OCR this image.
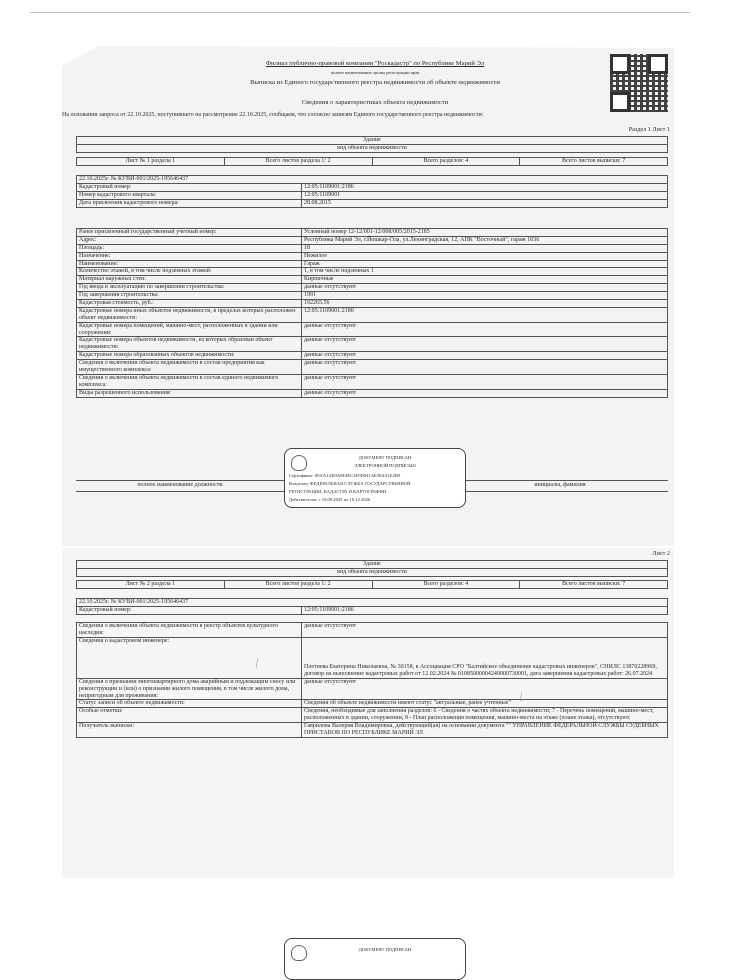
Филиал публично-правовой компании "Роскадастр" по Республике Марий Эл
полное наименование органа регистрации прав
Выписка из Единого государственного реестра недвижимости об объекте недвижимости
Сведения о характеристиках объекта недвижимости
На основании запроса от 22.10.2025, поступившего на рассмотрение 22.10.2025, сообщаем, что согласно записям Единого государственного реестра недвижимости:
Раздел 1 Лист 1
Здание
вид объекта недвижимости

Лист № 1 раздела 1	Всего листов раздела 1: 2	Всего разделов: 4	Всего листов выписки: 7
22.10.2025г. № КУВИ-001/2025-195646437	
Кадастровый номер:	12:05:1109001:2186
Номер кадастрового квартала:	12:05:1109001
Дата присвоения кадастрового номера:	28.08.2015
Ранее присвоенный государственный учетный номер:	Условный номер 12-12/001-12/008/005/2015-2185
Адрес:	Республика Марий Эл, г.Йошкар-Ола, ул.Ленинградская, 12, АПК "Восточный", гараж 1036
Площадь:	18
Назначение:	Нежилое
Наименование:	Гараж
Количество этажей, в том числе подземных этажей:	1, в том числе подземных 1
Материал наружных стен:	Кирпичные
Год ввода в эксплуатацию по завершении строительства:	данные отсутствуют
Год завершения строительства:	1991
Кадастровая стоимость, руб.:	192265.56
Кадастровые номера иных объектов недвижимости, в пределах которых расположен объект недвижимости:	12:05:1109001:2180
Кадастровые номера помещений, машино-мест, расположенных в здании или сооружении:	данные отсутствуют
Кадастровые номера объектов недвижимости, из которых образован объект недвижимости:	данные отсутствуют
Кадастровые номера образованных объектов недвижимости:	данные отсутствуют
Сведения о включении объекта недвижимости в состав предприятия как имущественного комплекса:	данные отсутствуют
Сведения о включении объекта недвижимости в состав единого недвижимого комплекса:	данные отсутствуют
Виды разрешенного использования:	данные отсутствуют
полное наименование должности	инициалы, фамилия
ДОКУМЕНТ ПОДПИСАН
ЭЛЕКТРОННОЙ ПОДПИСЬЮ
Сертификат: 00AA1AE0A8F4EC3E9D041AE5E4A1E2B9
Владелец: ФЕДЕРАЛЬНАЯ СЛУЖБА ГОСУДАРСТВЕННОЙ
РЕГИСТРАЦИИ, КАДАСТРА И КАРТОГРАФИИ
Действителен: с 16.09.2025 по 10.12.2026
Лист 2
Здание
вид объекта недвижимости

Лист № 2 раздела 1	Всего листов раздела 1: 2	Всего разделов: 4	Всего листов выписки: 7
22.10.2025г. № КУВИ-001/2025-195646437
Кадастровый номер:	12:05:1109001:2186
Сведения о включении объекта недвижимости в реестр объектов культурного наследия:	данные отсутствуют
Сведения о кадастровом инженере:	Плетнева Екатерина Николаевна, № 30158, в Ассоциация СРО "Балтийское объединение кадастровых инженеров", СНИЛС 13870228969, договор на выполнение кадастровых работ от 12.02.2024 № 01085000004240000730001, дата завершения кадастровых работ: 26.07.2024
Сведения о признании многоквартирного дома аварийным и подлежащим сносу или реконструкции и (или) о признании жилого помещения, в том числе жилого дома, непригодным для проживания:	данные отсутствуют
Статус записи об объекте недвижимости:	Сведения об объекте недвижимости имеют статус "актуальные, ранее учтенные"
Особые отметки:	Сведения, необходимые для заполнения разделов: 6 - Сведения о частях объекта недвижимости; 7 - Перечень помещений, машино-мест, расположенных в здании, сооружении; 8 - План расположения помещения, машино-места на этаже (плане этажа), отсутствуют.
Получатель выписки:	Гаврилова Валерия Владимировна, действующий(ая) на основании документа "" УПРАВЛЕНИЕ ФЕДЕРАЛЬНОЙ СЛУЖБЫ СУДЕБНЫХ ПРИСТАВОВ ПО РЕСПУБЛИКЕ МАРИЙ ЭЛ
⁄
⁄
ДОКУМЕНТ ПОДПИСАН
